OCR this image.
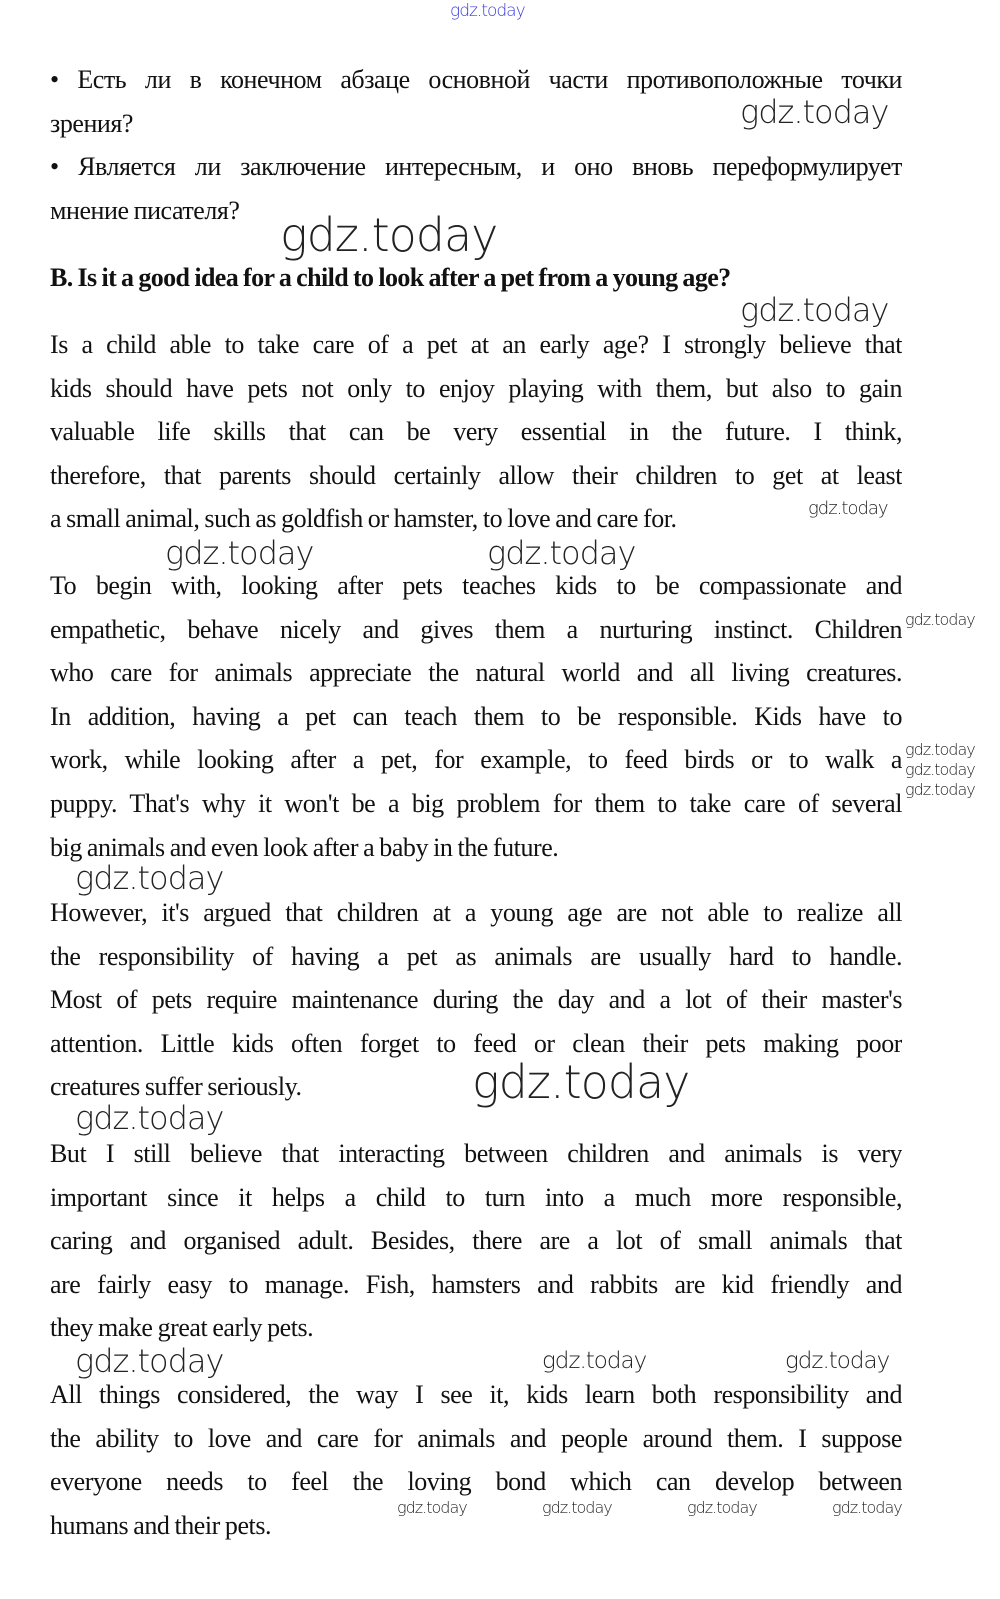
gdz.today
• Есть ли в конечном абзаце основной части противоположные точки
зрения?
• Является ли заключение интересным, и оно вновь переформулирует
мнение писателя?
B. Is it a good idea for a child to look after a pet from a young age?
Is a child able to take care of a pet at an early age? I strongly believe that
kids should have pets not only to enjoy playing with them, but also to gain
valuable life skills that can be very essential in the future. I think,
therefore, that parents should certainly allow their children to get at least
a small animal, such as goldfish or hamster, to love and care for.
To begin with, looking after pets teaches kids to be compassionate and
empathetic, behave nicely and gives them a nurturing instinct. Children
who care for animals appreciate the natural world and all living creatures.
In addition, having a pet can teach them to be responsible. Kids have to
work, while looking after a pet, for example, to feed birds or to walk a
puppy. That's why it won't be a big problem for them to take care of several
big animals and even look after a baby in the future.
However, it's argued that children at a young age are not able to realize all
the responsibility of having a pet as animals are usually hard to handle.
Most of pets require maintenance during the day and a lot of their master's
attention. Little kids often forget to feed or clean their pets making poor
creatures suffer seriously.
But I still believe that interacting between children and animals is very
important since it helps a child to turn into a much more responsible,
caring and organised adult. Besides, there are a lot of small animals that
are fairly easy to manage. Fish, hamsters and rabbits are kid friendly and
they make great early pets.
All things considered, the way I see it, kids learn both responsibility and
the ability to love and care for animals and people around them. I suppose
everyone needs to feel the loving bond which can develop between
humans and their pets.
gdz.today
gdz.today
gdz.today
gdz.today
gdz.today	gdz.today
gdz.today
gdz.today
gdz.today	gdz.today	gdz.today
gdz.today
gdz.today
gdz.today
gdz.today
gdz.today
gdz.today	gdz.today	gdz.today	gdz.today
